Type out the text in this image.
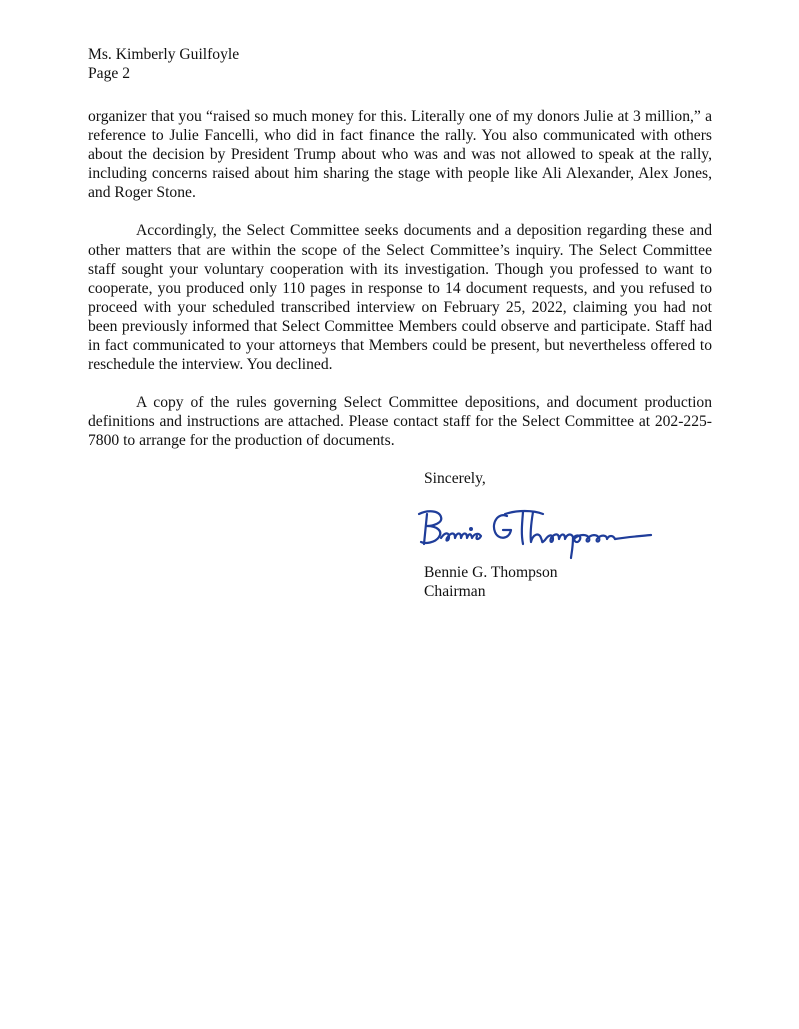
Ms. Kimberly Guilfoyle
Page 2

organizer that you “raised so much money for this. Literally one of my donors Julie at 3 million,” a reference to Julie Fancelli, who did in fact finance the rally. You also communicated with others about the decision by President Trump about who was and was not allowed to speak at the rally, including concerns raised about him sharing the stage with people like Ali Alexander, Alex Jones, and Roger Stone.

Accordingly, the Select Committee seeks documents and a deposition regarding these and other matters that are within the scope of the Select Committee’s inquiry. The Select Committee staff sought your voluntary cooperation with its investigation. Though you professed to want to cooperate, you produced only 110 pages in response to 14 document requests, and you refused to proceed with your scheduled transcribed interview on February 25, 2022, claiming you had not been previously informed that Select Committee Members could observe and participate. Staff had in fact communicated to your attorneys that Members could be present, but nevertheless offered to reschedule the interview. You declined.

A copy of the rules governing Select Committee depositions, and document production definitions and instructions are attached. Please contact staff for the Select Committee at 202-225-7800 to arrange for the production of documents.

Sincerely,
Bennie G. Thompson
Chairman
